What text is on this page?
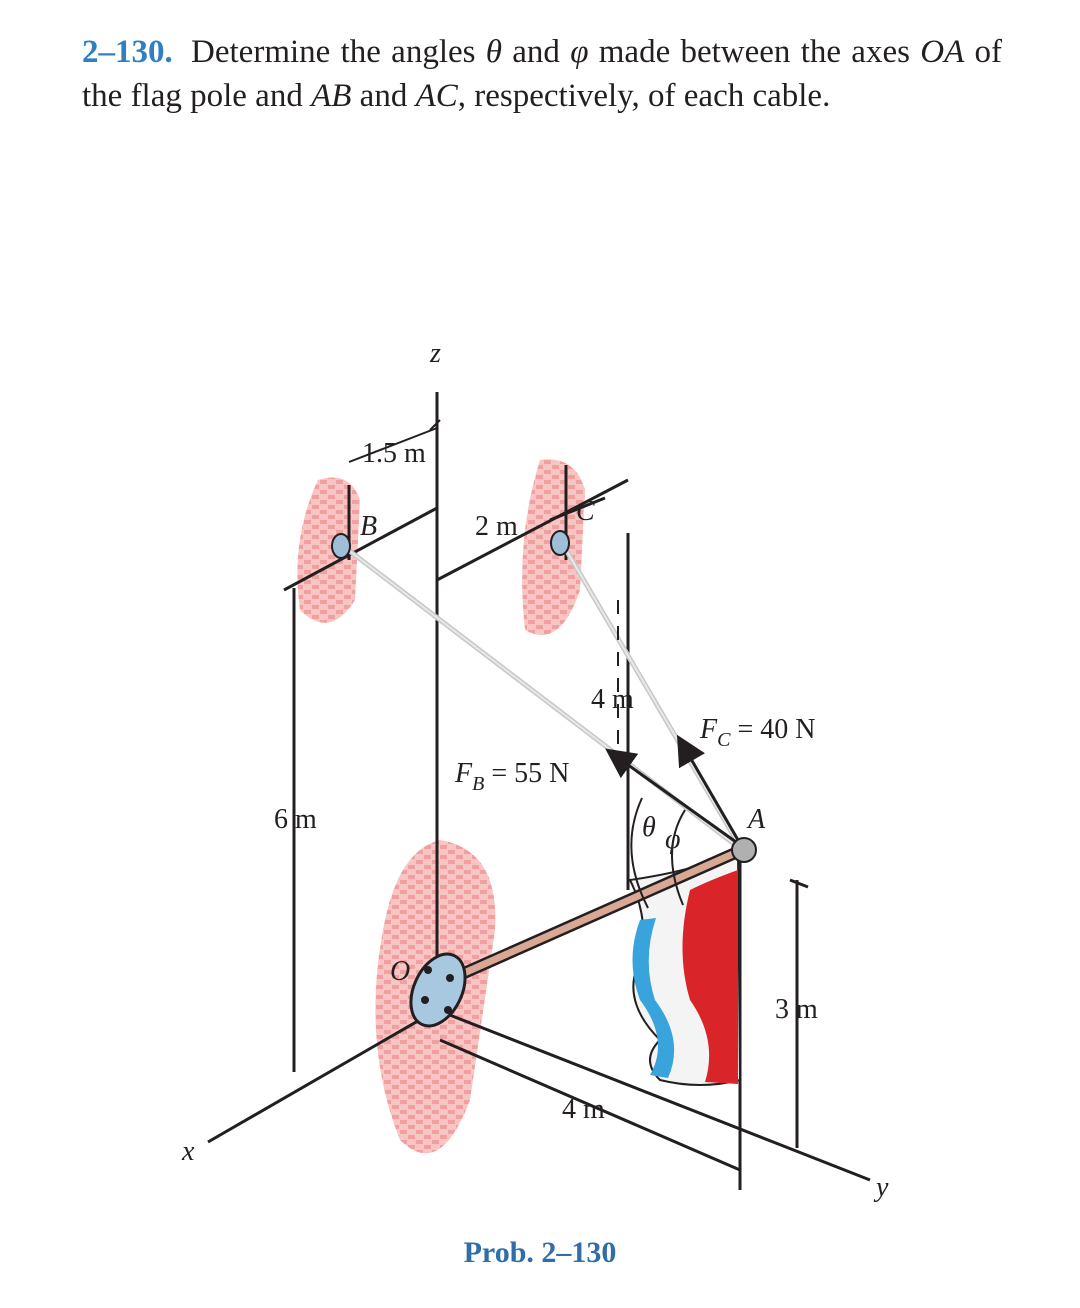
2–130. Determine the angles θ and φ made between the axes OA of the flag pole and AB and AC, respectively, of each cable.
z
x
y
B	C
O
A
θ φ
1.5 m
2 m
4 m
6 m
4 m
3 m
$F_B = 55$ N
$F_C = 40$ N
Prob. 2–130
